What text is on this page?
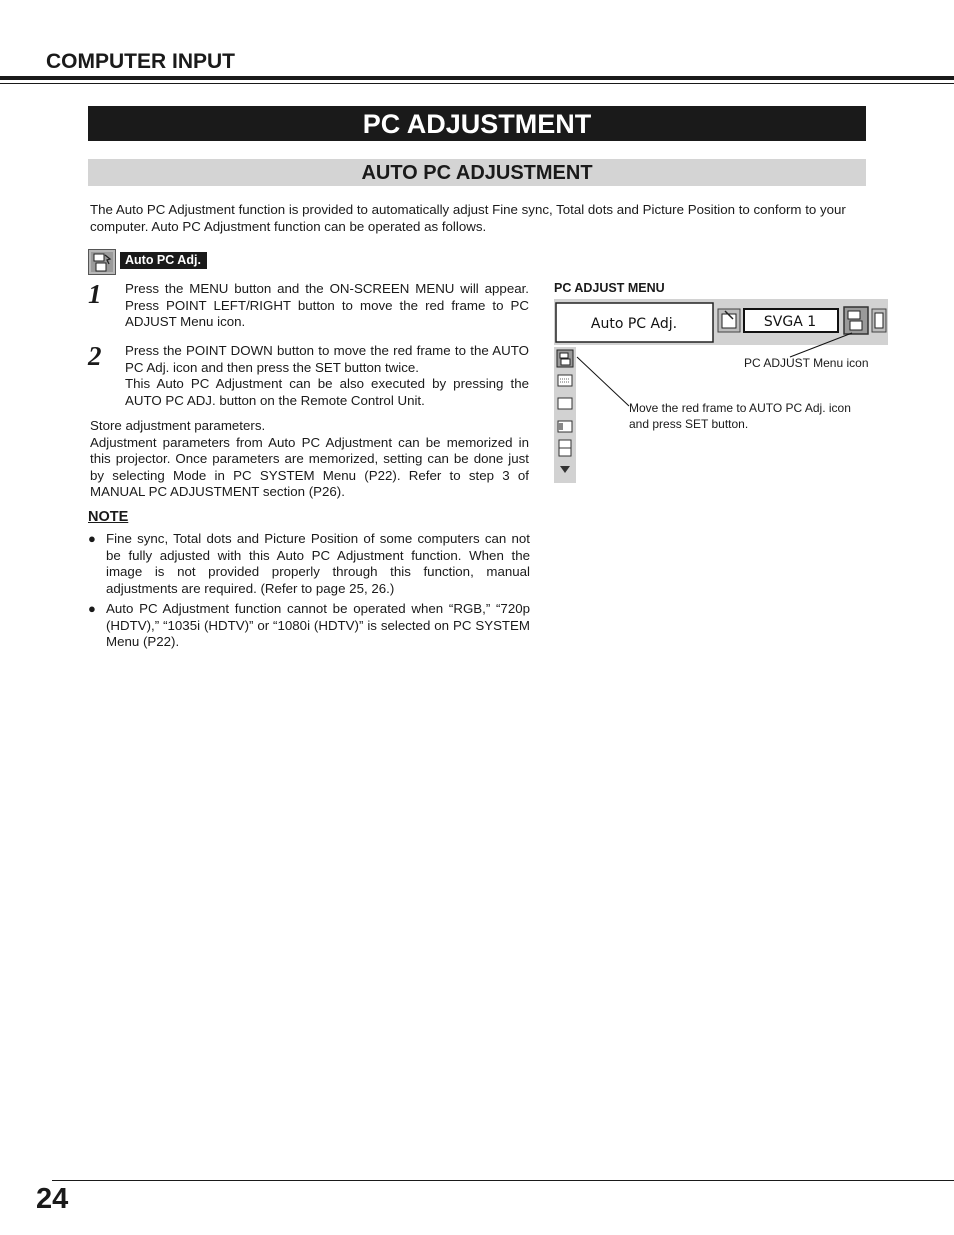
COMPUTER INPUT
PC ADJUSTMENT
AUTO PC ADJUSTMENT
The Auto PC Adjustment function is provided to automatically adjust Fine sync, Total dots and Picture Position to conform to your computer. Auto PC Adjustment function can be operated as follows.
Auto PC Adj.
1 Press the MENU button and the ON-SCREEN MENU will appear. Press POINT LEFT/RIGHT button to move the red frame to PC ADJUST Menu icon.
2 Press the POINT DOWN button to move the red frame to the AUTO PC Adj. icon and then press the SET button twice.
This Auto PC Adjustment can be also executed by pressing the AUTO PC ADJ. button on the Remote Control Unit.
Store adjustment parameters.
Adjustment parameters from Auto PC Adjustment can be memorized in this projector. Once parameters are memorized, setting can be done just by selecting Mode in PC SYSTEM Menu (P22). Refer to step 3 of MANUAL PC ADJUSTMENT section (P26).
NOTE
● Fine sync, Total dots and Picture Position of some computers can not be fully adjusted with this Auto PC Adjustment function. When the image is not provided properly through this function, manual adjustments are required. (Refer to page 25, 26.)
● Auto PC Adjustment function cannot be operated when “RGB,” “720p (HDTV),” “1035i (HDTV)” or “1080i (HDTV)” is selected on PC SYSTEM Menu (P22).
PC ADJUST MENU
Auto PC Adj.	SVGA 1
PC ADJUST Menu icon
Move the red frame to AUTO PC Adj. icon
and press SET button.
24
